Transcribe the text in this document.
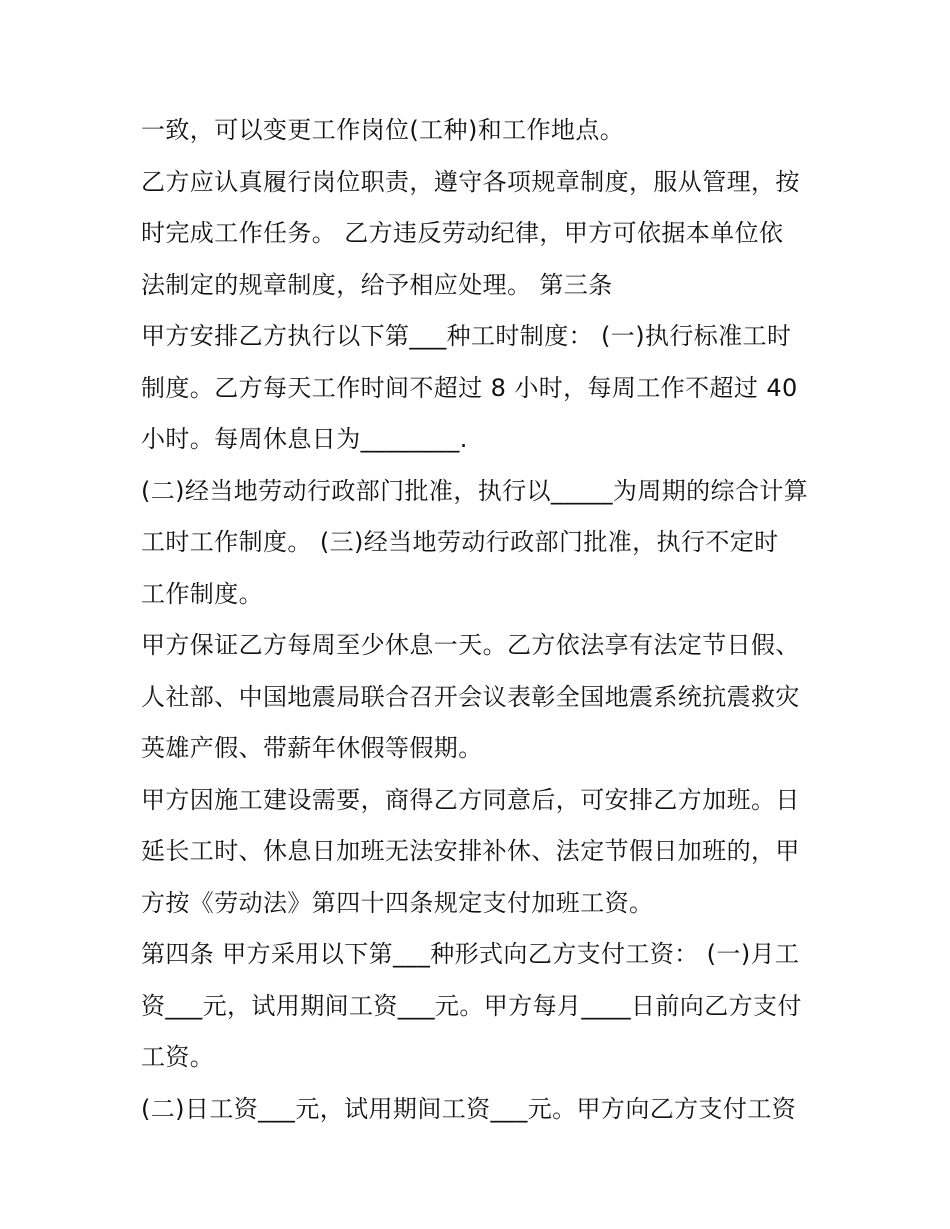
一致，可以变更工作岗位(工种)和工作地点。
乙方应认真履行岗位职责，遵守各项规章制度，服从管理，按
时完成工作任务。 乙方违反劳动纪律，甲方可依据本单位依
法制定的规章制度，给予相应处理。 第三条
甲方安排乙方执行以下第___种工时制度： (一)执行标准工时
制度。乙方每天工作时间不超过 8 小时，每周工作不超过 40
小时。每周休息日为________.
(二)经当地劳动行政部门批准，执行以_____为周期的综合计算
工时工作制度。 (三)经当地劳动行政部门批准，执行不定时
工作制度。
甲方保证乙方每周至少休息一天。乙方依法享有法定节日假、
人社部、中国地震局联合召开会议表彰全国地震系统抗震救灾
英雄产假、带薪年休假等假期。
甲方因施工建设需要，商得乙方同意后，可安排乙方加班。日
延长工时、休息日加班无法安排补休、法定节假日加班的，甲
方按《劳动法》第四十四条规定支付加班工资。
第四条 甲方采用以下第___种形式向乙方支付工资： (一)月工
资___元，试用期间工资___元。甲方每月____日前向乙方支付
工资。
(二)日工资___元，试用期间工资___元。甲方向乙方支付工资
